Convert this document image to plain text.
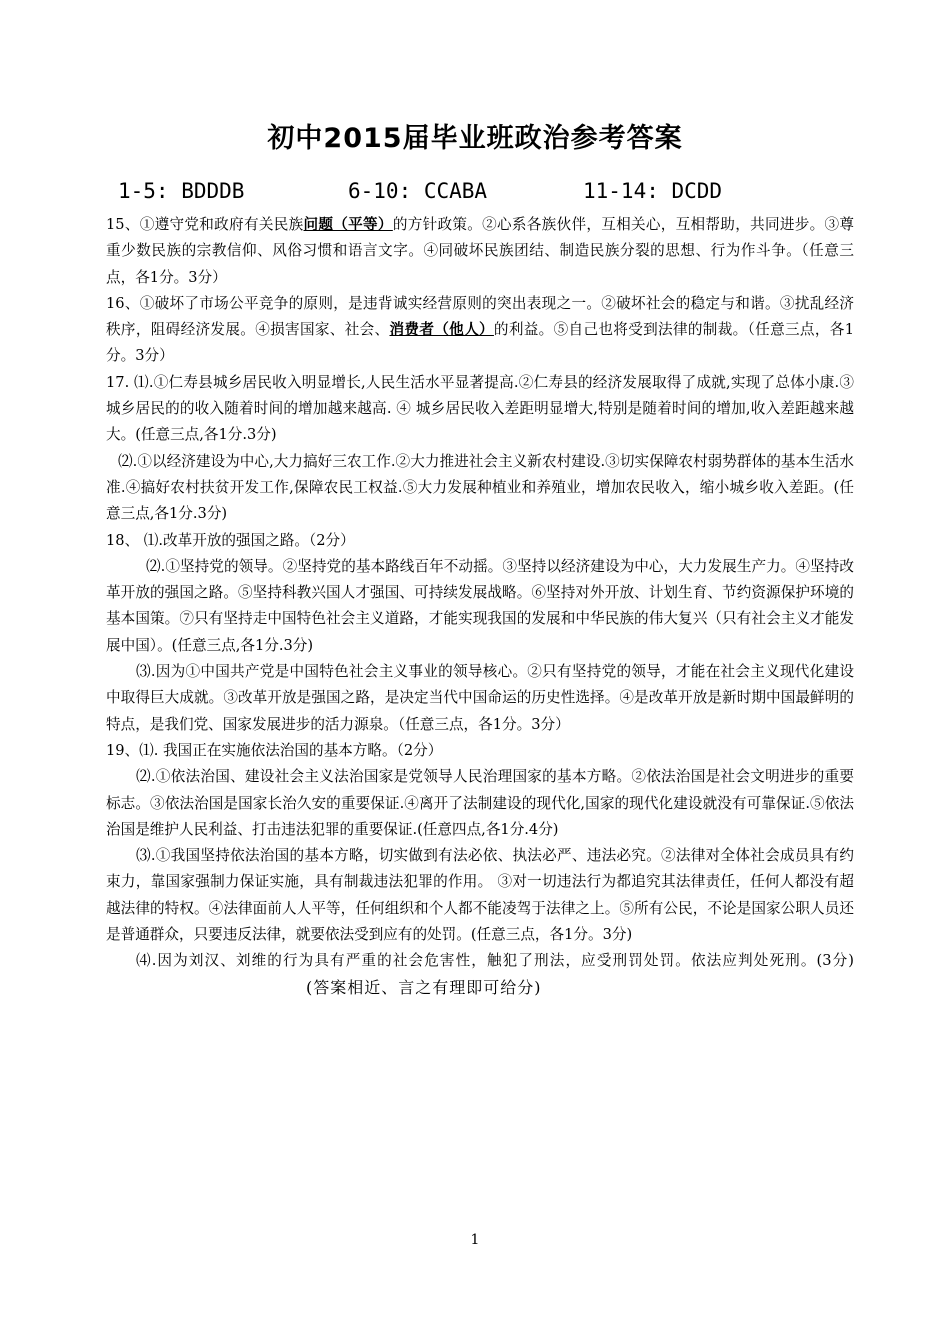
初中2015届毕业班政治参考答案
1-5: BDDDB	6-10: CCABA	11-14: DCDD

15、①遵守党和政府有关民族问题（平等）的方针政策。②心系各族伙伴，互相关心，互相帮助，共同进步。③尊重少数民族的宗教信仰、风俗习惯和语言文字。④同破坏民族团结、制造民族分裂的思想、行为作斗争。（任意三点，各1分。3分）

16、①破坏了市场公平竞争的原则，是违背诚实经营原则的突出表现之一。②破坏社会的稳定与和谐。③扰乱经济秩序，阻碍经济发展。④损害国家、社会、消费者（他人）的利益。⑤自己也将受到法律的制裁。（任意三点，各1分。3分）

17. ⑴.①仁寿县城乡居民收入明显增长,人民生活水平显著提高.②仁寿县的经济发展取得了成就,实现了总体小康.③城乡居民的的收入随着时间的增加越来越高. ④ 城乡居民收入差距明显增大,特别是随着时间的增加,收入差距越来越大。(任意三点,各1分.3分)

⑵.①以经济建设为中心,大力搞好三农工作.②大力推进社会主义新农村建设.③切实保障农村弱势群体的基本生活水准.④搞好农村扶贫开发工作,保障农民工权益.⑤大力发展种植业和养殖业，增加农民收入，缩小城乡收入差距。(任意三点,各1分.3分)

18、 ⑴.改革开放的强国之路。（2分）

⑵.①坚持党的领导。②坚持党的基本路线百年不动摇。③坚持以经济建设为中心，大力发展生产力。④坚持改革开放的强国之路。⑤坚持科教兴国人才强国、可持续发展战略。⑥坚持对外开放、计划生育、节约资源保护环境的基本国策。⑦只有坚持走中国特色社会主义道路，才能实现我国的发展和中华民族的伟大复兴（只有社会主义才能发展中国）。(任意三点,各1分.3分)

⑶.因为①中国共产党是中国特色社会主义事业的领导核心。②只有坚持党的领导，才能在社会主义现代化建设中取得巨大成就。③改革开放是强国之路，是决定当代中国命运的历史性选择。④是改革开放是新时期中国最鲜明的特点，是我们党、国家发展进步的活力源泉。（任意三点，各1分。3分）

19、⑴. 我国正在实施依法治国的基本方略。（2分）

⑵.①依法治国、建设社会主义法治国家是党领导人民治理国家的基本方略。②依法治国是社会文明进步的重要标志。③依法治国是国家长治久安的重要保证.④离开了法制建设的现代化,国家的现代化建设就没有可靠保证.⑤依法治国是维护人民利益、打击违法犯罪的重要保证.(任意四点,各1分.4分)

⑶.①我国坚持依法治国的基本方略，切实做到有法必依、执法必严、违法必究。②法律对全体社会成员具有约束力，靠国家强制力保证实施，具有制裁违法犯罪的作用。 ③对一切违法行为都追究其法律责任，任何人都没有超越法律的特权。④法律面前人人平等，任何组织和个人都不能凌驾于法律之上。⑤所有公民，不论是国家公职人员还是普通群众，只要违反法律，就要依法受到应有的处罚。(任意三点，各1分。3分)

⑷.因为刘汉、刘维的行为具有严重的社会危害性，触犯了刑法，应受刑罚处罚。依法应判处死刑。(3分)(答案相近、言之有理即可给分)

1
